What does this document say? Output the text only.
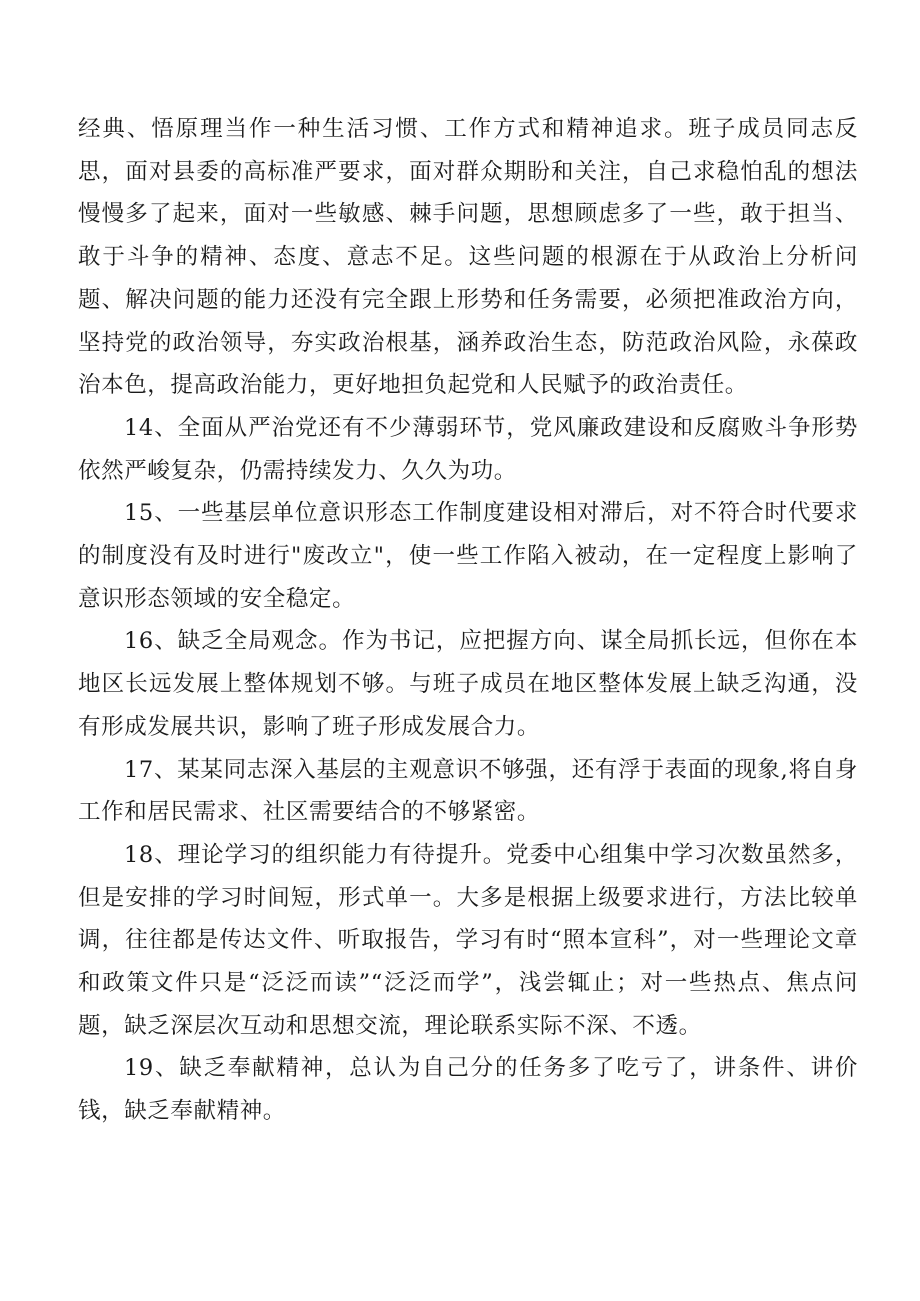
经典、悟原理当作一种生活习惯、工作方式和精神追求。班子成员同志反思，面对县委的高标准严要求，面对群众期盼和关注，自己求稳怕乱的想法慢慢多了起来，面对一些敏感、棘手问题，思想顾虑多了一些，敢于担当、敢于斗争的精神、态度、意志不足。这些问题的根源在于从政治上分析问题、解决问题的能力还没有完全跟上形势和任务需要，必须把准政治方向，坚持党的政治领导，夯实政治根基，涵养政治生态，防范政治风险，永葆政治本色，提高政治能力，更好地担负起党和人民赋予的政治责任。

14、全面从严治党还有不少薄弱环节，党风廉政建设和反腐败斗争形势依然严峻复杂，仍需持续发力、久久为功。

15、一些基层单位意识形态工作制度建设相对滞后，对不符合时代要求的制度没有及时进行"废改立"，使一些工作陷入被动，在一定程度上影响了意识形态领域的安全稳定。

16、缺乏全局观念。作为书记，应把握方向、谋全局抓长远，但你在本地区长远发展上整体规划不够。与班子成员在地区整体发展上缺乏沟通，没有形成发展共识，影响了班子形成发展合力。

17、某某同志深入基层的主观意识不够强，还有浮于表面的现象,将自身工作和居民需求、社区需要结合的不够紧密。

18、理论学习的组织能力有待提升。党委中心组集中学习次数虽然多，但是安排的学习时间短，形式单一。大多是根据上级要求进行，方法比较单调，往往都是传达文件、听取报告，学习有时“照本宣科”，对一些理论文章和政策文件只是“泛泛而读”“泛泛而学”，浅尝辄止；对一些热点、焦点问题，缺乏深层次互动和思想交流，理论联系实际不深、不透。

19、缺乏奉献精神，总认为自己分的任务多了吃亏了，讲条件、讲价钱，缺乏奉献精神。
